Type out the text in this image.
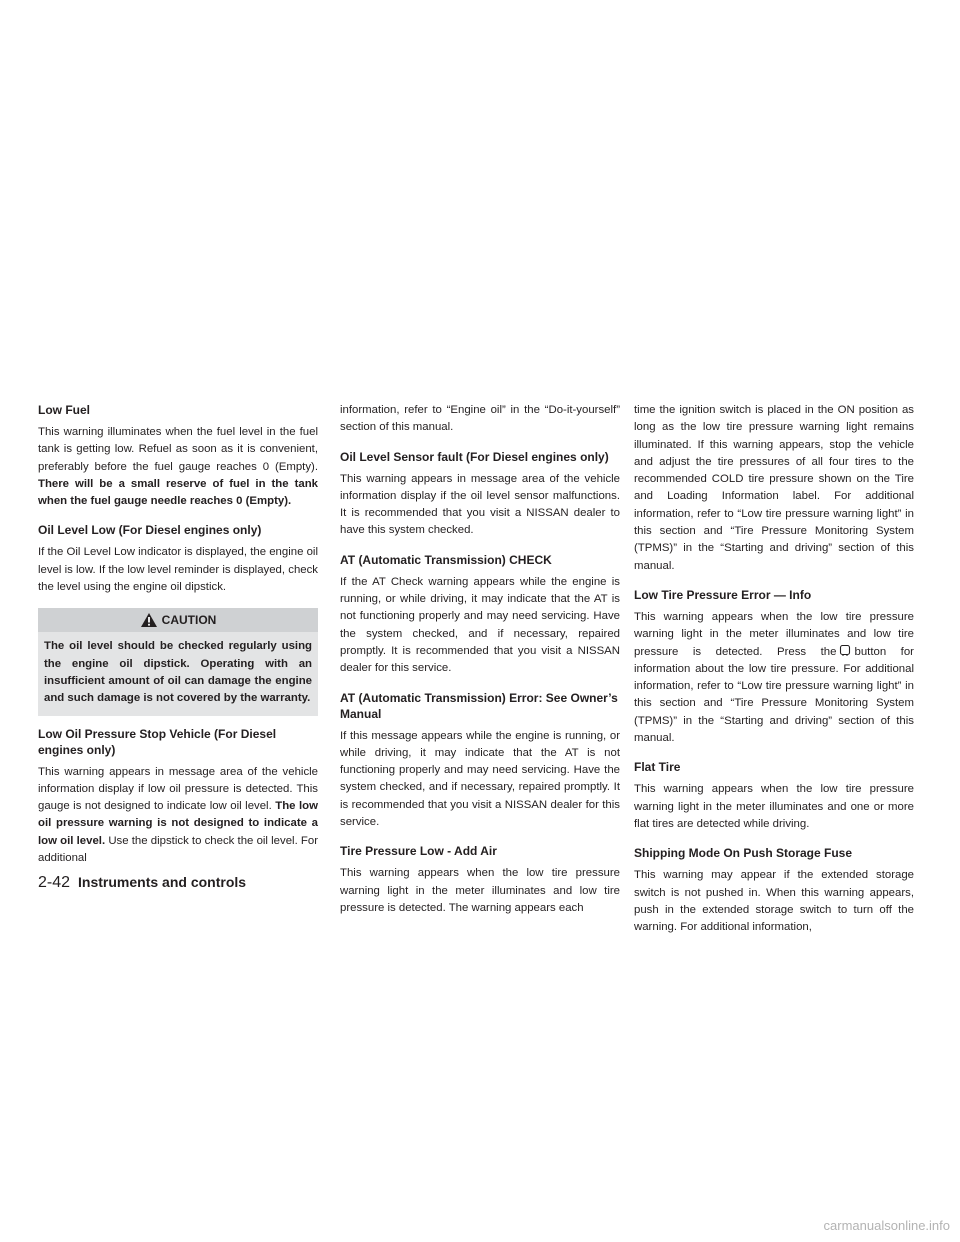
Low Fuel

This warning illuminates when the fuel level in the fuel tank is getting low. Refuel as soon as it is convenient, preferably before the fuel gauge reaches 0 (Empty). There will be a small reserve of fuel in the tank when the fuel gauge needle reaches 0 (Empty).

Oil Level Low (For Diesel engines only)

If the Oil Level Low indicator is displayed, the engine oil level is low. If the low level reminder is displayed, check the level using the engine oil dipstick.

CAUTION
The oil level should be checked regularly using the engine oil dipstick. Operating with an insufficient amount of oil can damage the engine and such damage is not covered by the warranty.
Low Oil Pressure Stop Vehicle (For Diesel engines only)

This warning appears in message area of the vehicle information display if low oil pressure is detected. This gauge is not designed to indicate low oil level. The low oil pressure warning is not designed to indicate a low oil level. Use the dipstick to check the oil level. For additional

information, refer to “Engine oil” in the “Do-it-yourself” section of this manual.

Oil Level Sensor fault (For Diesel engines only)

This warning appears in message area of the vehicle information display if the oil level sensor malfunctions. It is recommended that you visit a NISSAN dealer to have this system checked.

AT (Automatic Transmission) CHECK

If the AT Check warning appears while the engine is running, or while driving, it may indicate that the AT is not functioning properly and may need servicing. Have the system checked, and if necessary, repaired promptly. It is recommended that you visit a NISSAN dealer for this service.

AT (Automatic Transmission) Error: See Owner’s Manual

If this message appears while the engine is running, or while driving, it may indicate that the AT is not functioning properly and may need servicing. Have the system checked, and if necessary, repaired promptly. It is recommended that you visit a NISSAN dealer for this service.

Tire Pressure Low - Add Air

This warning appears when the low tire pressure warning light in the meter illuminates and low tire pressure is detected. The warning appears each

time the ignition switch is placed in the ON position as long as the low tire pressure warning light remains illuminated. If this warning appears, stop the vehicle and adjust the tire pressures of all four tires to the recommended COLD tire pressure shown on the Tire and Loading Information label. For additional information, refer to “Low tire pressure warning light” in this section and “Tire Pressure Monitoring System (TPMS)” in the “Starting and driving” section of this manual.

Low Tire Pressure Error — Info

This warning appears when the low tire pressure warning light in the meter illuminates and low tire pressure is detected. Press the button for information about the low tire pressure. For additional information, refer to “Low tire pressure warning light” in this section and “Tire Pressure Monitoring System (TPMS)” in the “Starting and driving” section of this manual.

Flat Tire

This warning appears when the low tire pressure warning light in the meter illuminates and one or more flat tires are detected while driving.

Shipping Mode On Push Storage Fuse

This warning may appear if the extended storage switch is not pushed in. When this warning appears, push in the extended storage switch to turn off the warning. For additional information,

2-42 Instruments and controls
carmanualsonline.info
